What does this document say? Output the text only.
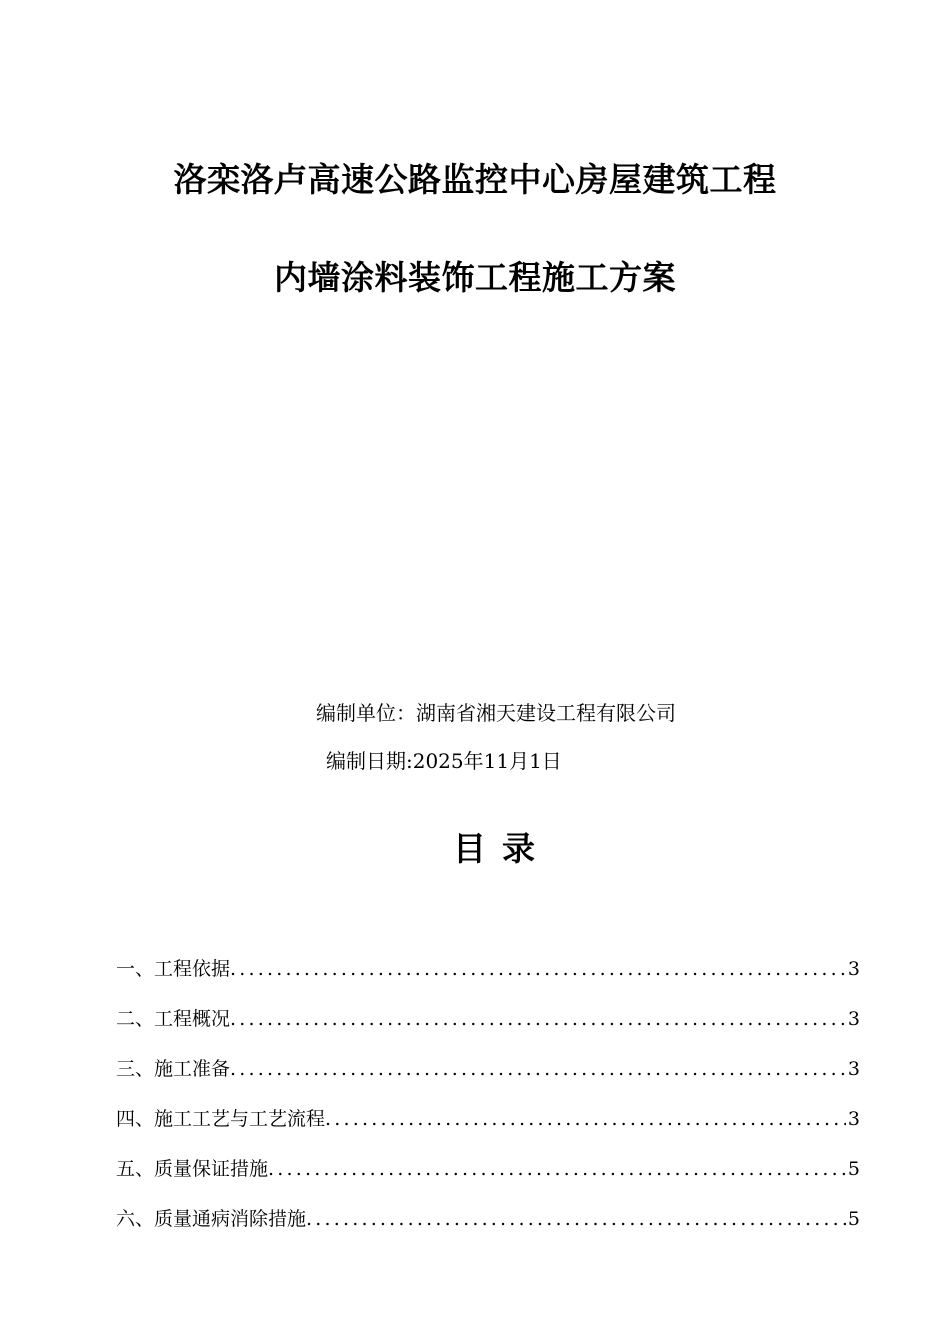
洛栾洛卢高速公路监控中心房屋建筑工程
内墙涂料装饰工程施工方案
编制单位：湖南省湘天建设工程有限公司
编制日期:2025年11月1日
目录
一、工程依据 .....	3
二、工程概况 .....	3
三、施工准备 .....	3
四、施工工艺与工艺流程 .....	3
五、质量保证措施 .....	5
六、质量通病消除措施 .....	5
